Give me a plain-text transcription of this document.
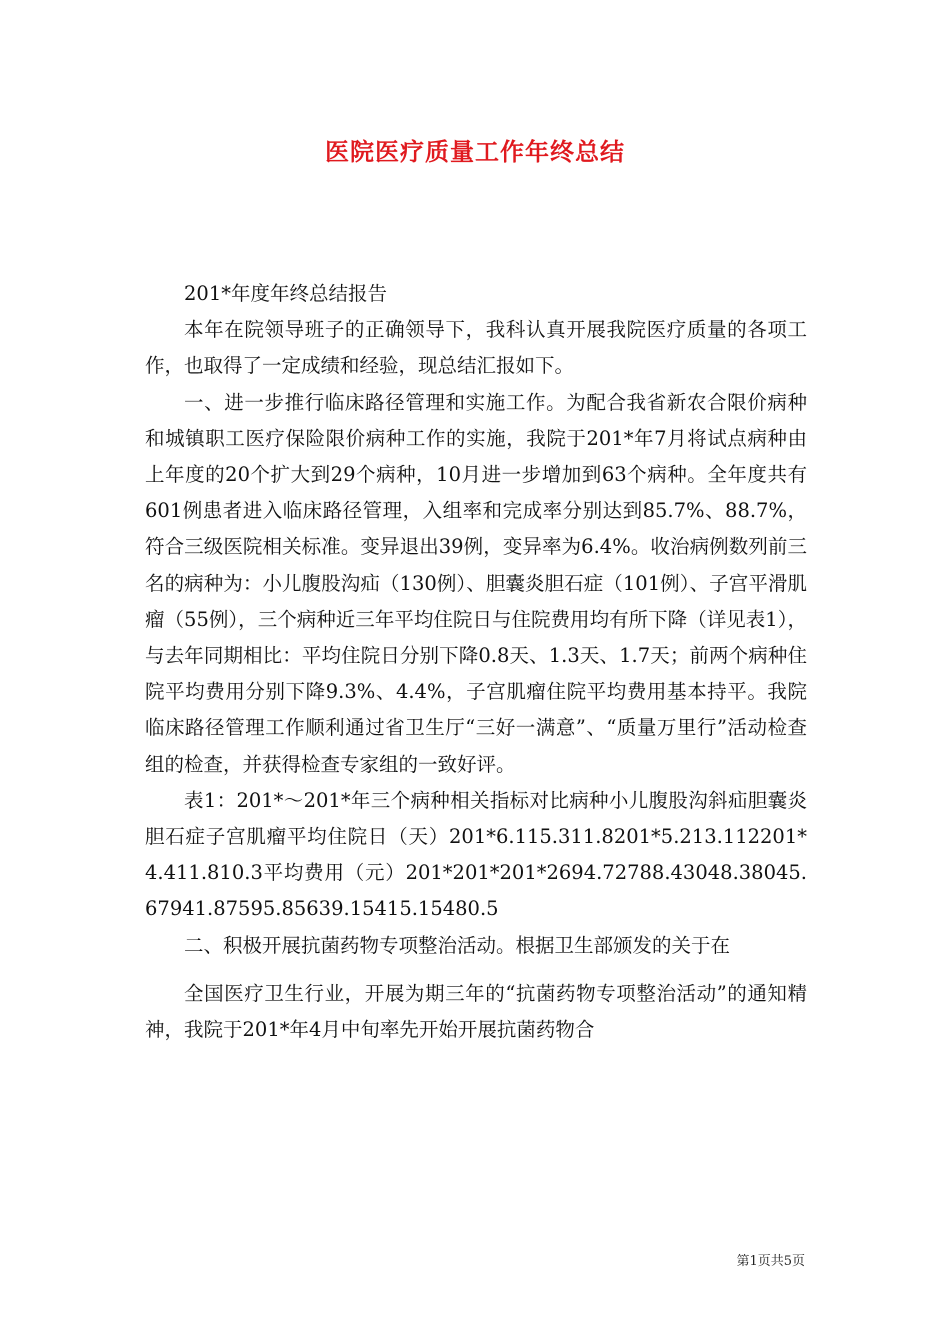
医院医疗质量工作年终总结

201*年度年终总结报告

本年在院领导班子的正确领导下，我科认真开展我院医疗质量的各项工作，也取得了一定成绩和经验，现总结汇报如下。

一、进一步推行临床路径管理和实施工作。为配合我省新农合限价病种和城镇职工医疗保险限价病种工作的实施，我院于201*年7月将试点病种由上年度的20个扩大到29个病种，10月进一步增加到63个病种。全年度共有601例患者进入临床路径管理，入组率和完成率分别达到85.7%、88.7%，符合三级医院相关标准。变异退出39例，变异率为6.4%。收治病例数列前三名的病种为：小儿腹股沟疝（130例）、胆囊炎胆石症（101例）、子宫平滑肌瘤（55例），三个病种近三年平均住院日与住院费用均有所下降（详见表1），与去年同期相比：平均住院日分别下降0.8天、1.3天、1.7天；前两个病种住院平均费用分别下降9.3%、4.4%，子宫肌瘤住院平均费用基本持平。我院临床路径管理工作顺利通过省卫生厅“三好一满意”、“质量万里行”活动检查组的检查，并获得检查专家组的一致好评。

表1：201*～201*年三个病种相关指标对比病种小儿腹股沟斜疝胆囊炎胆石症子宫肌瘤平均住院日（天）201*6.115.311.8201*5.213.112201*4.411.810.3平均费用（元）201*201*201*2694.72788.43048.38045.67941.87595.85639.15415.15480.5

二、积极开展抗菌药物专项整治活动。根据卫生部颁发的关于在

全国医疗卫生行业，开展为期三年的“抗菌药物专项整治活动”的通知精神，我院于201*年4月中旬率先开始开展抗菌药物合

第1页共5页
